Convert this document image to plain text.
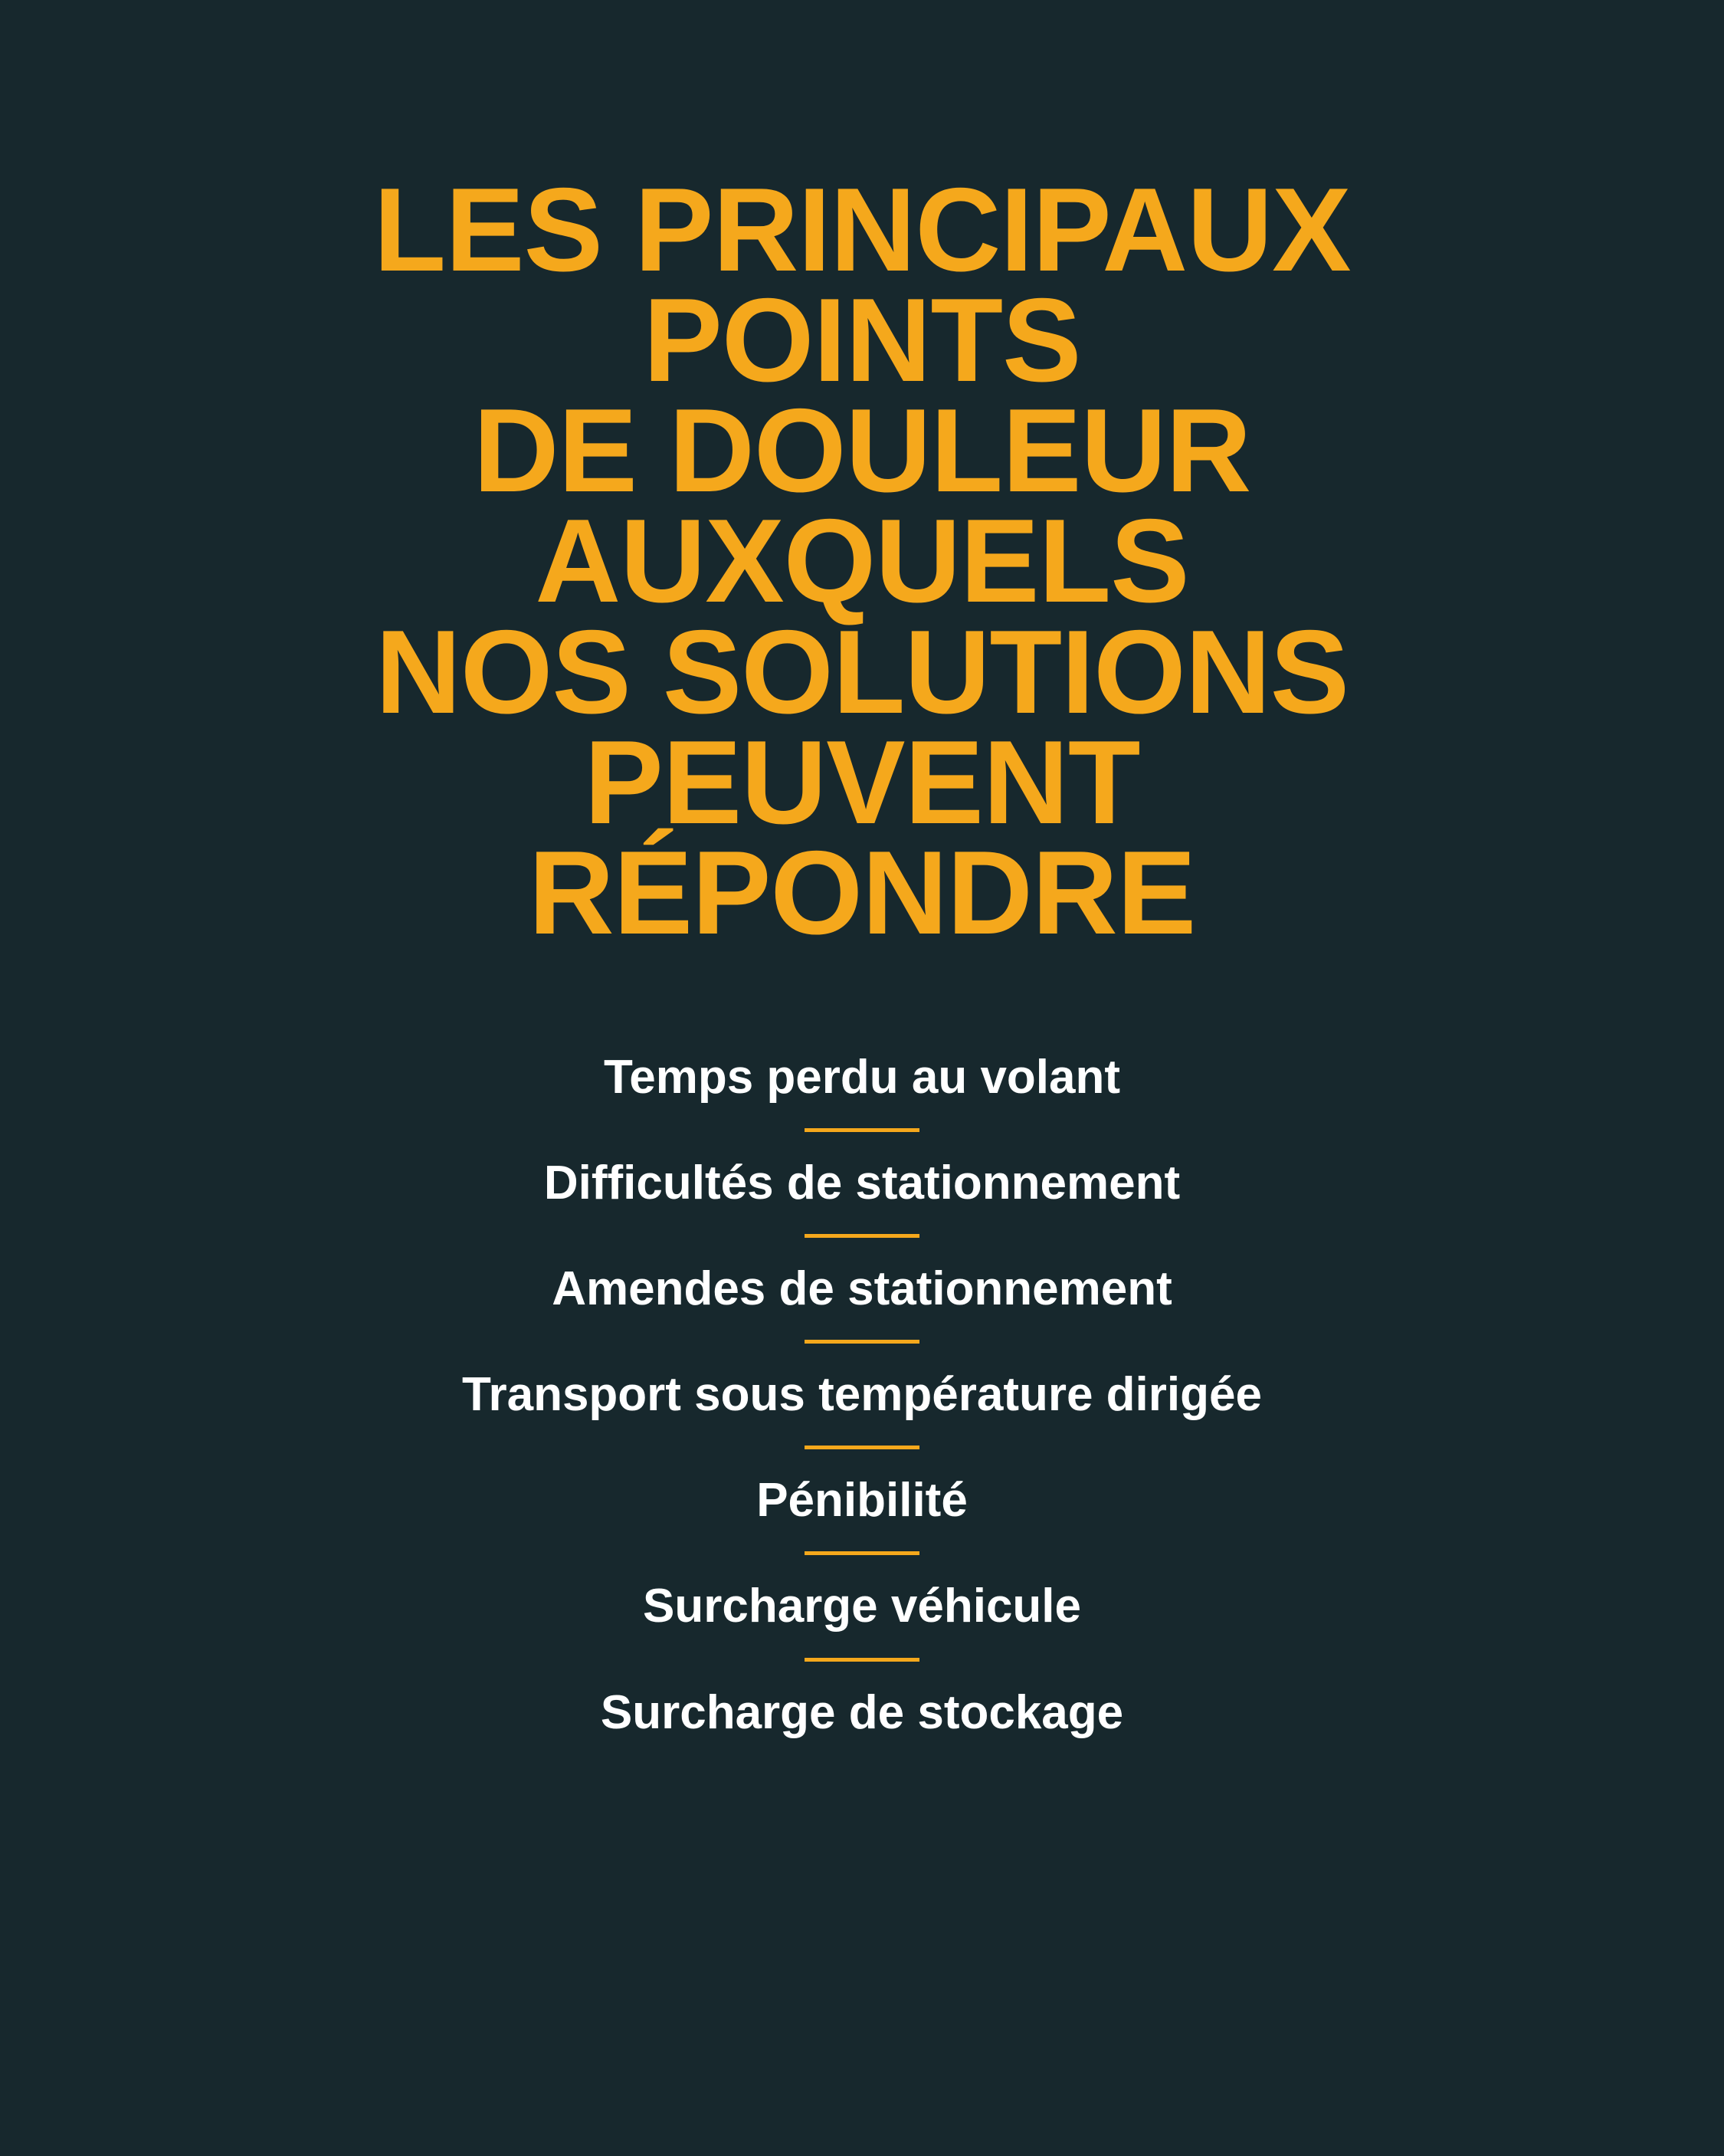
LES PRINCIPAUX
POINTS
DE DOULEUR
AUXQUELS
NOS SOLUTIONS
PEUVENT
RÉPONDRE
Temps perdu au volant
Difficultés de stationnement
Amendes de stationnement
Transport sous température dirigée
Pénibilité
Surcharge véhicule
Surcharge de stockage
